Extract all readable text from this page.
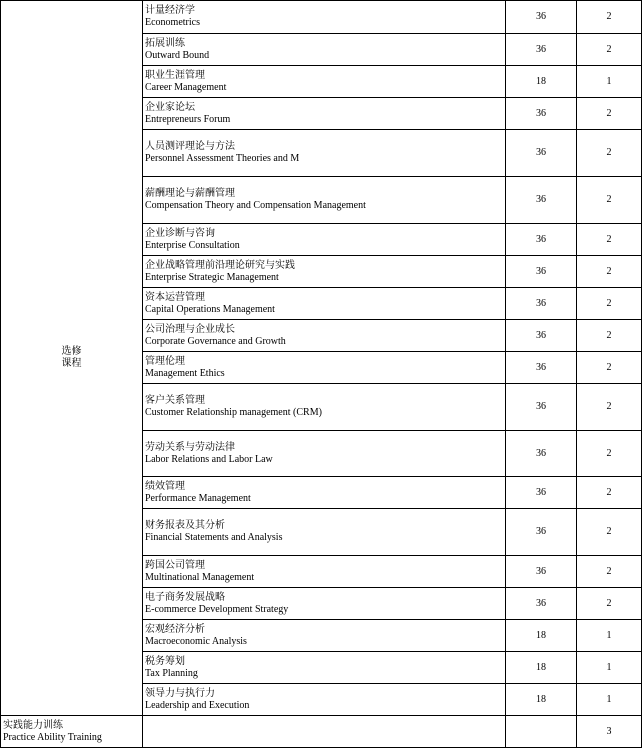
选修
课程	计量经济学
Econometrics	36	2

	拓展训练
Outward Bound	36	2

	职业生涯管理
Career Management	18	1

	企业家论坛
Entrepreneurs Forum	36	2

	人员测评理论与方法
Personnel Assessment Theories and M	36	2

	薪酬理论与薪酬管理
Compensation Theory and Compensation Management	36	2

	企业诊断与咨询
Enterprise Consultation	36	2

	企业战略管理前沿理论研究与实践
Enterprise Strategic Management	36	2

	资本运营管理
Capital Operations Management	36	2

	公司治理与企业成长
Corporate Governance and Growth	36	2

	管理伦理
Management Ethics	36	2

	客户关系管理
Customer Relationship management (CRM)	36	2

	劳动关系与劳动法律
Labor Relations and Labor Law	36	2

	绩效管理
Performance Management	36	2

	财务报表及其分析
Financial Statements and Analysis	36	2

	跨国公司管理
Multinational Management	36	2

	电子商务发展战略
E-commerce Development Strategy	36	2

	宏观经济分析
Macroeconomic Analysis	18	1

	税务筹划
Tax Planning	18	1

	领导力与执行力
Leadership and Execution	18	1

实践能力训练
Practice Ability Training			3
